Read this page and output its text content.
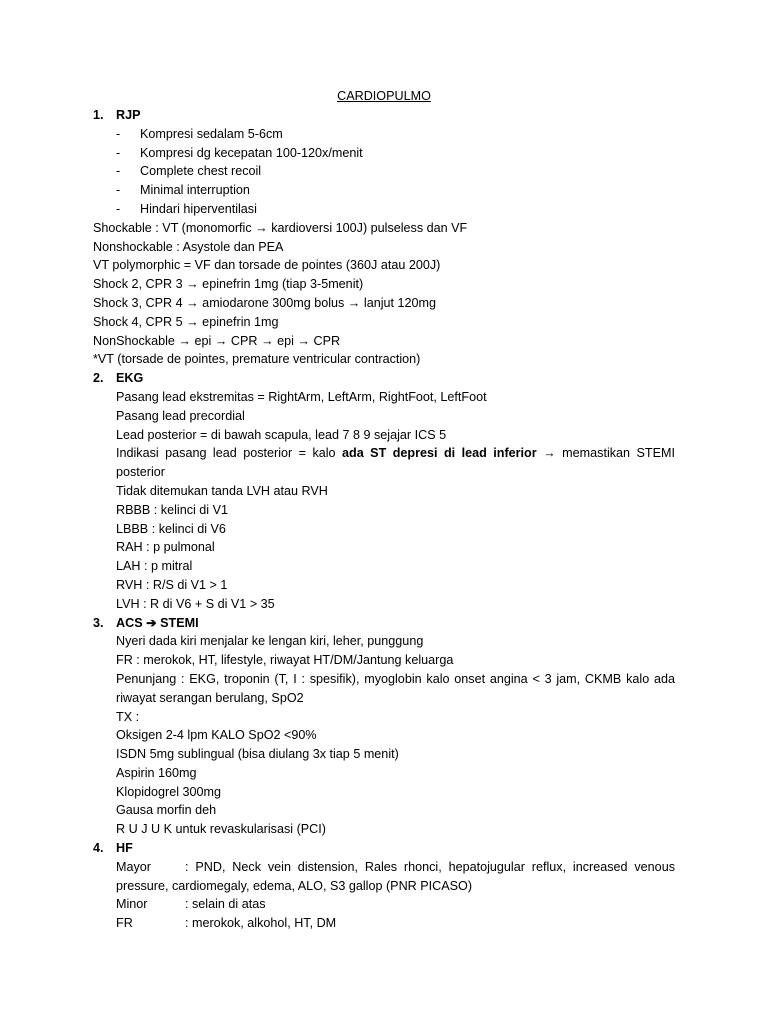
CARDIOPULMO
1. RJP
- Kompresi sedalam 5-6cm
- Kompresi dg kecepatan 100-120x/menit
- Complete chest recoil
- Minimal interruption
- Hindari hiperventilasi
Shockable : VT (monomorfic → kardioversi 100J) pulseless dan VF
Nonshockable : Asystole dan PEA
VT polymorphic = VF dan torsade de pointes (360J atau 200J)
Shock 2, CPR 3 → epinefrin 1mg (tiap 3-5menit)
Shock 3, CPR 4 → amiodarone 300mg bolus → lanjut 120mg
Shock 4, CPR 5 → epinefrin 1mg
NonShockable → epi → CPR → epi → CPR
*VT (torsade de pointes, premature ventricular contraction)
2. EKG
Pasang lead ekstremitas = RightArm, LeftArm, RightFoot, LeftFoot
Pasang lead precordial
Lead posterior = di bawah scapula, lead 7 8 9 sejajar ICS 5
Indikasi pasang lead posterior = kalo ada ST depresi di lead inferior → memastikan STEMI posterior
Tidak ditemukan tanda LVH atau RVH
RBBB : kelinci di V1
LBBB : kelinci di V6
RAH : p pulmonal
LAH : p mitral
RVH : R/S di V1 > 1
LVH : R di V6 + S di V1 > 35
3. ACS ➔ STEMI
Nyeri dada kiri menjalar ke lengan kiri, leher, punggung
FR : merokok, HT, lifestyle, riwayat HT/DM/Jantung keluarga
Penunjang : EKG, troponin (T, I : spesifik), myoglobin kalo onset angina < 3 jam, CKMB kalo ada riwayat serangan berulang, SpO2
TX :
Oksigen 2-4 lpm KALO SpO2 <90%
ISDN 5mg sublingual (bisa diulang 3x tiap 5 menit)
Aspirin 160mg
Klopidogrel 300mg
Gausa morfin deh
R U J U K untuk revaskularisasi (PCI)
4. HF
Mayor	: PND, Neck vein distension, Rales rhonci, hepatojugular reflux, increased venous pressure, cardiomegaly, edema, ALO, S3 gallop (PNR PICASO)
Minor	: selain di atas
FR	: merokok, alkohol, HT, DM
